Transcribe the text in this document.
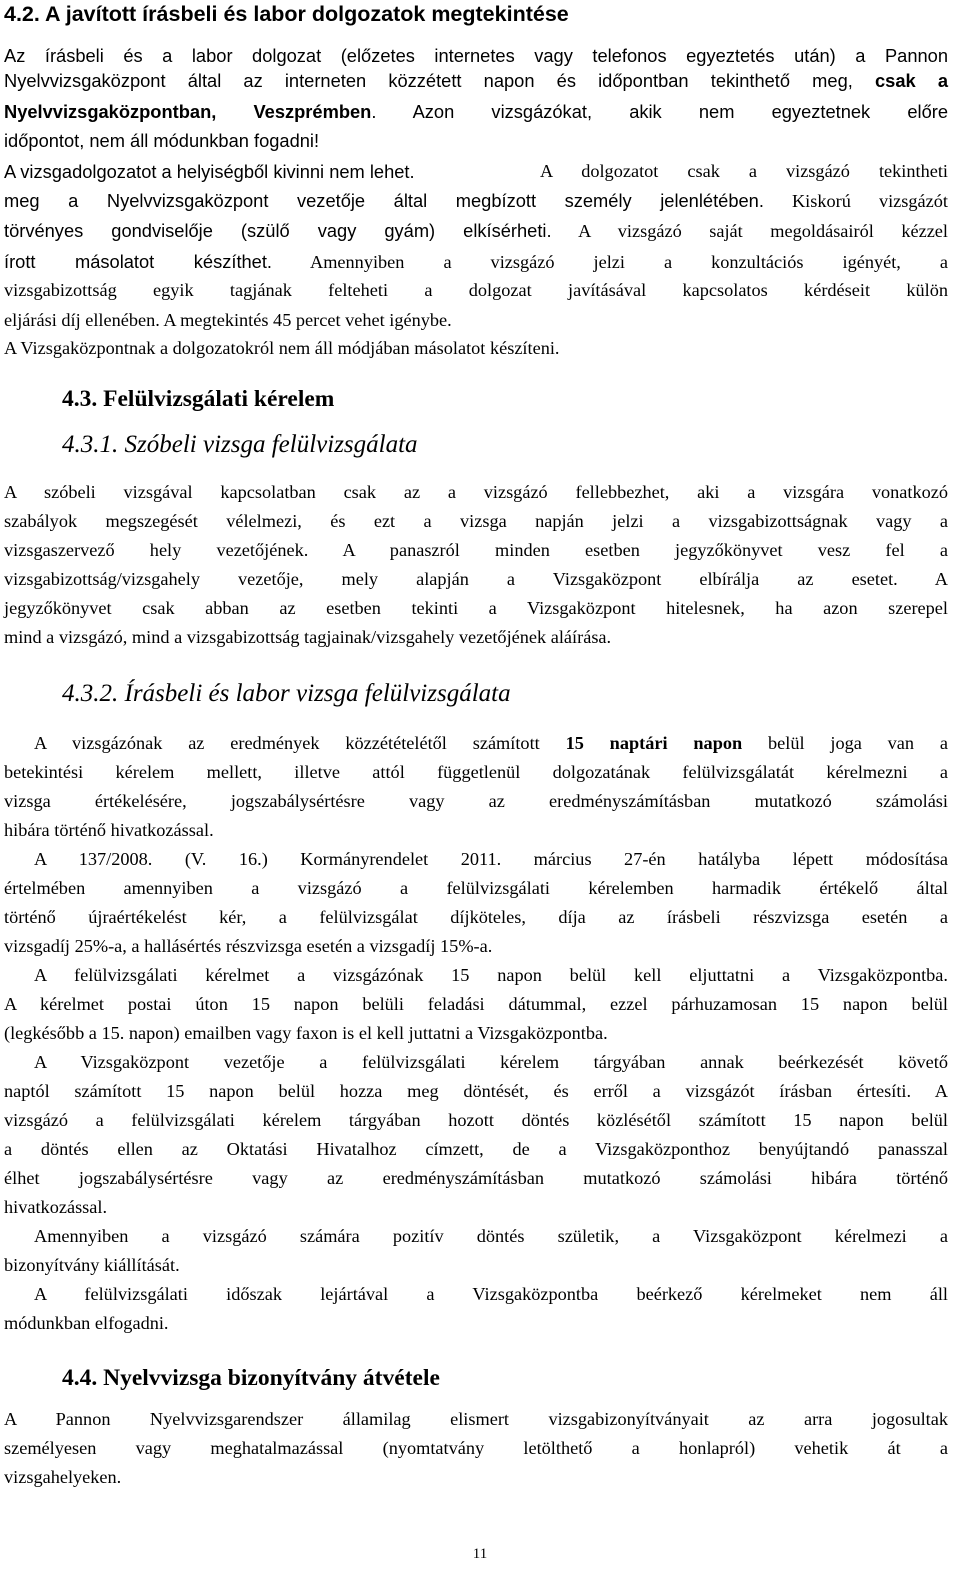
4.2. A javított írásbeli és labor dolgozatok megtekintése
Az írásbeli és a labor dolgozat (előzetes internetes vagy telefonos egyeztetés után) a Pannon
Nyelvvizsgaközpont által az interneten közzétett napon és időpontban tekinthető meg, csak a
Nyelvvizsgaközpontban, Veszprémben. Azon vizsgázókat, akik nem egyeztetnek előre
időpontot, nem áll módunkban fogadni!
A vizsgadolgozatot a helyiségből kivinni nem lehet.
meg a Nyelvvizsgaközpont vezetője által megbízott személy jelenlétében. Kiskorú vizsgázót
A dolgozatot csak a vizsgázó tekintheti
törvényes gondviselője (szülő vagy gyám) elkísérheti. A vizsgázó saját megoldásairól kézzel
írott másolatot készíthet. Amennyiben a vizsgázó jelzi a konzultációs igényét, a
vizsgabizottság egyik tagjának felteheti a dolgozat javításával kapcsolatos kérdéseit külön
eljárási díj ellenében. A megtekintés 45 percet vehet igénybe.
A Vizsgaközpontnak a dolgozatokról nem áll módjában másolatot készíteni.
4.3. Felülvizsgálati kérelem
4.3.1. Szóbeli vizsga felülvizsgálata
A szóbeli vizsgával kapcsolatban csak az a vizsgázó fellebbezhet, aki a vizsgára vonatkozó
szabályok megszegését vélelmezi, és ezt a vizsga napján jelzi a vizsgabizottságnak vagy a
vizsgaszervező hely vezetőjének. A panaszról minden esetben jegyzőkönyvet vesz fel a
vizsgabizottság/vizsgahely vezetője, mely alapján a Vizsgaközpont elbírálja az esetet. A
jegyzőkönyvet csak abban az esetben tekinti a Vizsgaközpont hitelesnek, ha azon szerepel
mind a vizsgázó, mind a vizsgabizottság tagjainak/vizsgahely vezetőjének aláírása.
4.3.2. Írásbeli és labor vizsga felülvizsgálata
A vizsgázónak az eredmények közzétételétől számított 15 naptári napon belül joga van a
betekintési kérelem mellett, illetve attól függetlenül dolgozatának felülvizsgálatát kérelmezni a
vizsga értékelésére, jogszabálysértésre vagy az eredményszámításban mutatkozó számolási
hibára történő hivatkozással.
A 137/2008. (V. 16.) Kormányrendelet 2011. március 27-én hatályba lépett módosítása
értelmében amennyiben a vizsgázó a felülvizsgálati kérelemben harmadik értékelő által
történő újraértékelést kér, a felülvizsgálat díjköteles, díja az írásbeli részvizsga esetén a
vizsgadíj 25%-a, a hallásértés részvizsga esetén a vizsgadíj 15%-a.
A felülvizsgálati kérelmet a vizsgázónak 15 napon belül kell eljuttatni a Vizsgaközpontba.
A kérelmet postai úton 15 napon belüli feladási dátummal, ezzel párhuzamosan 15 napon belül
(legkésőbb a 15. napon) emailben vagy faxon is el kell juttatni a Vizsgaközpontba.
A Vizsgaközpont vezetője a felülvizsgálati kérelem tárgyában annak beérkezését követő
naptól számított 15 napon belül hozza meg döntését, és erről a vizsgázót írásban értesíti. A
vizsgázó a felülvizsgálati kérelem tárgyában hozott döntés közlésétől számított 15 napon belül
a döntés ellen az Oktatási Hivatalhoz címzett, de a Vizsgaközponthoz benyújtandó panasszal
élhet jogszabálysértésre vagy az eredményszámításban mutatkozó számolási hibára történő
hivatkozással.
Amennyiben a vizsgázó számára pozitív döntés születik, a Vizsgaközpont kérelmezi a
bizonyítvány kiállítását.
A felülvizsgálati időszak lejártával a Vizsgaközpontba beérkező kérelmeket nem áll
módunkban elfogadni.
4.4. Nyelvvizsga bizonyítvány átvétele
A Pannon Nyelvvizsgarendszer államilag elismert vizsgabizonyítványait az arra jogosultak
személyesen vagy meghatalmazással (nyomtatvány letölthető a honlapról) vehetik át a
vizsgahelyeken.
11
